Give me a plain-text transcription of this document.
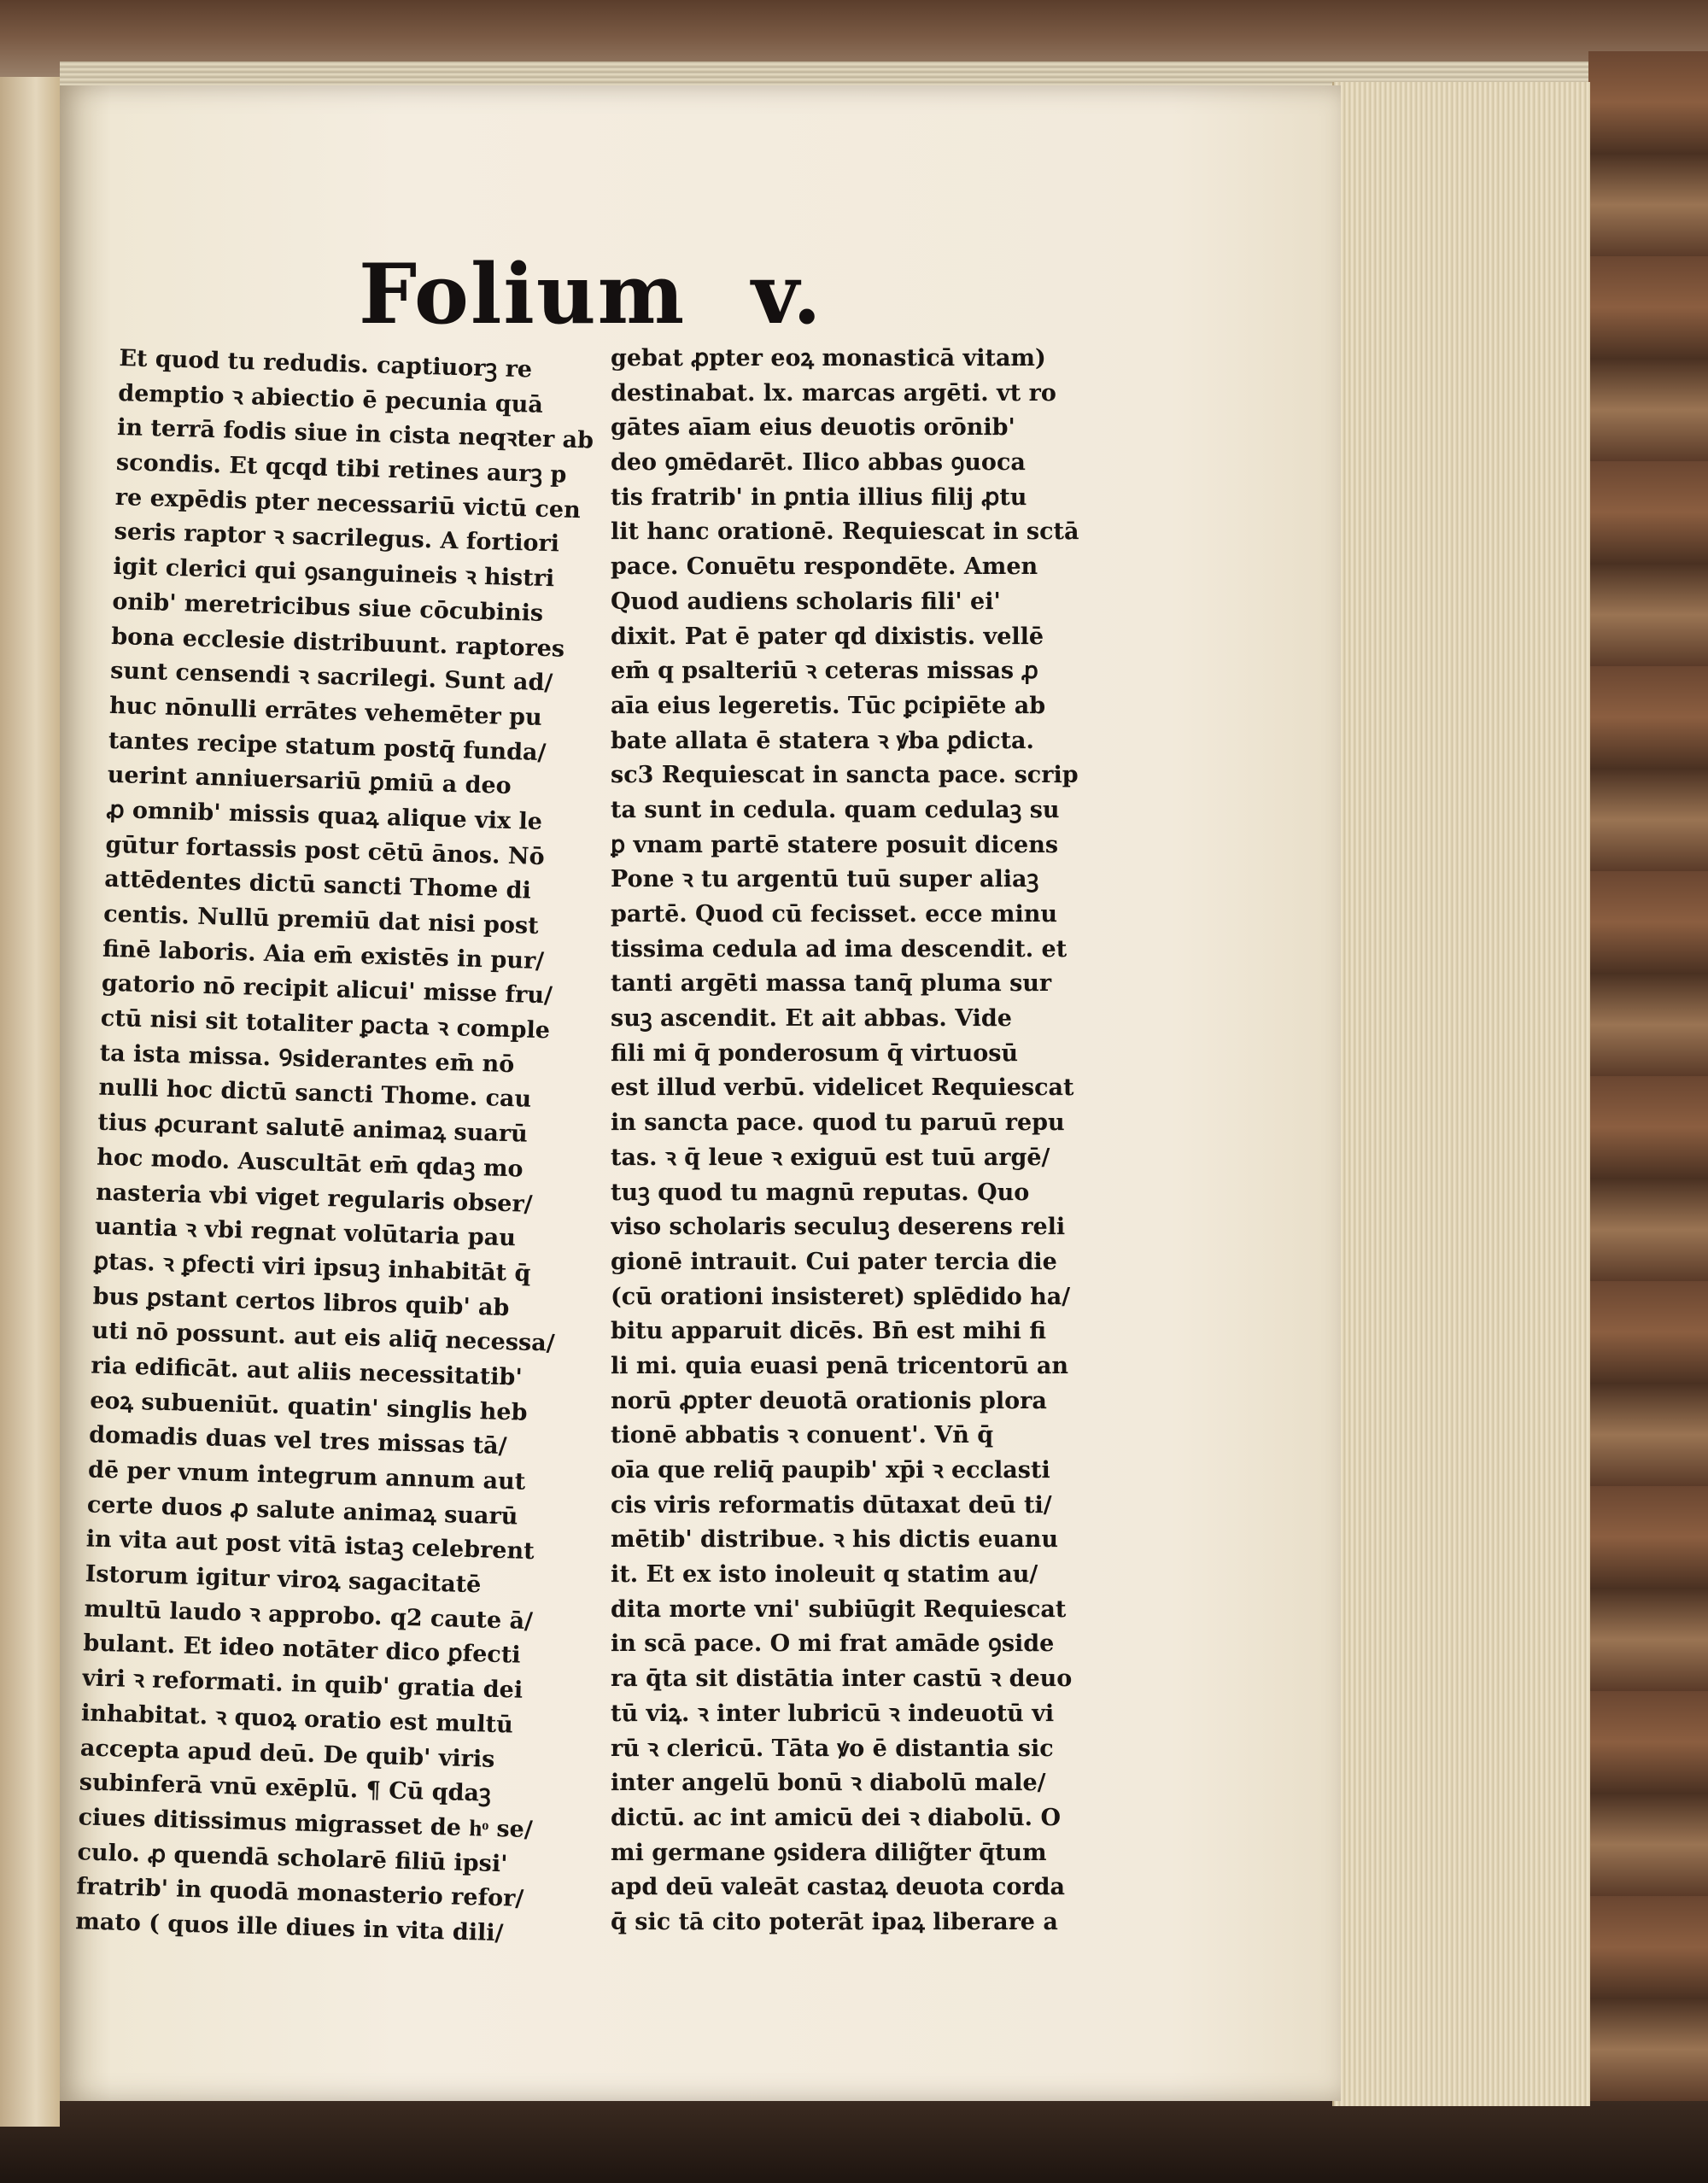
Folium v.
Et quod tu redudis. captiuorꝫ re
demptio ꝛ abiectio ē pecunia quā
in terrā fodis siue in cista neqꝛter ab
scondis. Et qcqd tibi retines aurꝫ p
re expēdis pter necessariū victū cen
seris raptor ꝛ sacrilegus. A fortiori
igit clerici qui ꝯsanguineis ꝛ histri
onib' meretricibus siue cōcubinis
bona ecclesie distribuunt. raptores
sunt censendi ꝛ sacrilegi. Sunt ad/
huc nōnulli errātes vehemēter pu
tantes recipe statum postq̄ funda/
uerint anniuersariū ꝑmiū a deo
ꝓ omnib' missis quaꝝ alique vix le
gūtur fortassis post cētū ānos. Nō
attēdentes dictū sancti Thome di
centis. Nullū premiū dat nisi post
finē laboris. Aia em̄ existēs in pur/
gatorio nō recipit alicui' misse fru/
ctū nisi sit totaliter ꝑacta ꝛ comple
ta ista missa. Ꝯsiderantes em̄ nō
nulli hoc dictū sancti Thome. cau
tius ꝓcurant salutē animaꝝ suarū
hoc modo. Auscultāt em̄ qdaꝫ mo
nasteria vbi viget regularis obser/
uantia ꝛ vbi regnat volūtaria pau
ꝑtas. ꝛ ꝑfecti viri ipsuꝫ inhabitāt q̄
bus ꝑstant certos libros quib' ab
uti nō possunt. aut eis aliq̄ necessa/
ria edificāt. aut aliis necessitatib'
eoꝝ subueniūt. quatin' singlis heb
domadis duas vel tres missas tā/
dē per vnum integrum annum aut
certe duos ꝓ salute animaꝝ suarū
in vita aut post vitā istaꝫ celebrent
Istorum igitur viroꝝ sagacitatē
multū laudo ꝛ approbo. q2 caute ā/
bulant. Et ideo notāter dico ꝑfecti
viri ꝛ reformati. in quib' gratia dei
inhabitat. ꝛ quoꝝ oratio est multū
accepta apud deū. De quib' viris
subinferā vnū exēplū. ¶ Cū qdaꝫ
ciues ditissimus migrasset de hͦ se/
culo. ꝓ quendā scholarē filiū ipsi'
fratrib' in quodā monasterio refor/
mato ( quos ille diues in vita dili/
gebat ꝓpter eoꝝ monasticā vitam)
destinabat. lx. marcas argēti. vt ro
gātes aīam eius deuotis orōnib'
deo ꝯmēdarēt. Ilico abbas ꝯuoca
tis fratrib' in ꝑntia illius filij ꝓtu
lit hanc orationē. Requiescat in sctā
pace. Conuētu respondēte. Amen
Quod audiens scholaris fili' ei'
dixit. Pat ē pater qd dixistis. vellē
em̄ q psalteriū ꝛ ceteras missas ꝓ
aīa eius legeretis. Tūc ꝑcipiēte ab
bate allata ē statera ꝛ ꝟba ꝑdicta.
sc3 Requiescat in sancta pace. scrip
ta sunt in cedula. quam cedulaꝫ su
ꝑ vnam partē statere posuit dicens
Pone ꝛ tu argentū tuū super aliaꝫ
partē. Quod cū fecisset. ecce minu
tissima cedula ad ima descendit. et
tanti argēti massa tanq̄ pluma sur
suꝫ ascendit. Et ait abbas. Vide
fili mi q̄ ponderosum q̄ virtuosū
est illud verbū. videlicet Requiescat
in sancta pace. quod tu paruū repu
tas. ꝛ q̄ leue ꝛ exiguū est tuū argē/
tuꝫ quod tu magnū reputas. Quo
viso scholaris seculuꝫ deserens reli
gionē intrauit. Cui pater tercia die
(cū orationi insisteret) splēdido ha/
bitu apparuit dicēs. Bn̄ est mihi fi
li mi. quia euasi penā tricentorū an
norū ꝓpter deuotā orationis plora
tionē abbatis ꝛ conuent'. Vn̄ q̄
oīa que reliq̄ paupib' xp̄i ꝛ ecclasti
cis viris reformatis dūtaxat deū ti/
mētib' distribue. ꝛ his dictis euanu
it. Et ex isto inoleuit q statim au/
dita morte vni' subiūgit Requiescat
in scā pace. O mi frat amāde ꝯside
ra q̄ta sit distātia inter castū ꝛ deuo
tū viꝝ. ꝛ inter lubricū ꝛ indeuotū vi
rū ꝛ clericū. Tāta ꝟo ē distantia sic
inter angelū bonū ꝛ diabolū male/
dictū. ac int amicū dei ꝛ diabolū. O
mi germane ꝯsidera dilig̃ter q̄tum
apd deū valeāt castaꝝ deuota corda
q̄ sic tā cito poterāt ipaꝝ liberare a
